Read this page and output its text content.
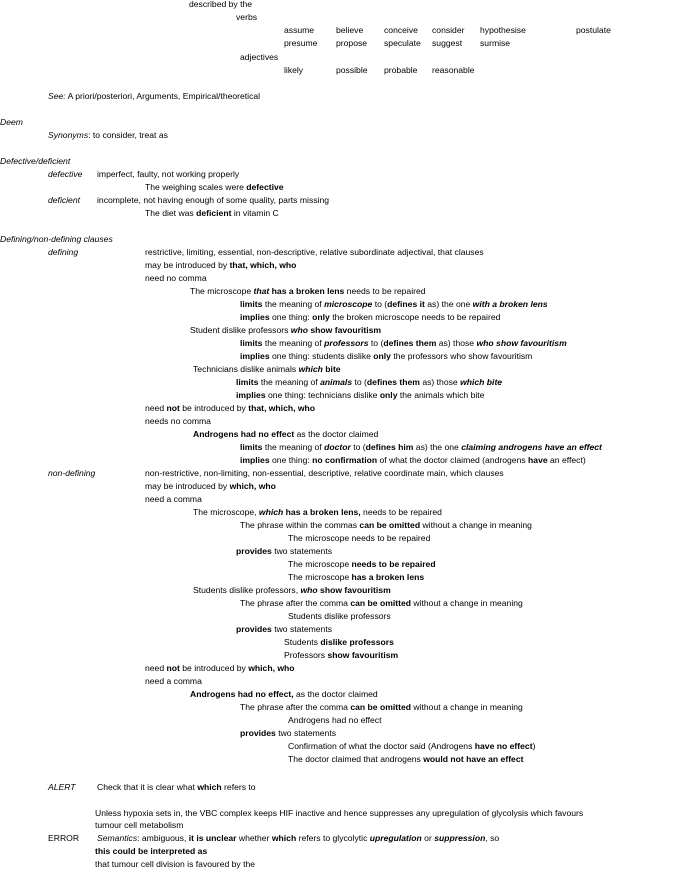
described by the
verbs
assume	believe conceive consider hypothesise	postulate
presume propose speculate suggest surmise
adjectives
likely	possible probable reasonable
See: A priori/posteriori, Arguments, Empirical/theoretical
Deem
Synonyms: to consider, treat as
Defective/deficient
defective imperfect, faulty, not working properly
The weighing scales were defective
deficient incomplete, not having enough of some quality, parts missing
The diet was deficient in vitamin C
Defining/non-defining clauses
defining	restrictive, limiting, essential, non-descriptive, relative subordinate adjectival, that clauses
may be introduced by that, which, who
need no comma
The microscope that has a broken lens needs to be repaired
limits the meaning of microscope to (defines it as) the one with a broken lens
implies one thing: only the broken microscope needs to be repaired
Student dislike professors who show favouritism
limits the meaning of professors to (defines them as) those who show favouritism
implies one thing: students dislike only the professors who show favouritism
Technicians dislike animals which bite
limits the meaning of animals to (defines them as) those which bite
implies one thing: technicians dislike only the animals which bite
need not be introduced by that, which, who
needs no comma
Androgens had no effect as the doctor claimed
limits the meaning of doctor to (defines him as) the one claiming androgens have an effect
implies one thing: no confirmation of what the doctor claimed (androgens have an effect)
non-defining	non-restrictive, non-limiting, non-essential, descriptive, relative coordinate main, which clauses
may be introduced by which, who
need a comma
The microscope, which has a broken lens, needs to be repaired
The phrase within the commas can be omitted without a change in meaning
The microscope needs to be repaired
provides two statements
The microscope needs to be repaired
The microscope has a broken lens
Students dislike professors, who show favouritism
The phrase after the comma can be omitted without a change in meaning
Students dislike professors
provides two statements
Students dislike professors
Professors show favouritism
need not be introduced by which, who
need a comma
Androgens had no effect, as the doctor claimed
The phrase after the comma can be omitted without a change in meaning
Androgens had no effect
provides two statements
Confirmation of what the doctor said (Androgens have no effect)
The doctor claimed that androgens would not have an effect
ALERT Check that it is clear what which refers to
Unless hypoxia sets in, the VBC complex keeps HIF inactive and hence suppresses any upregulation of glycolysis which favours
tumour cell metabolism
ERROR Semantics: ambiguous, it is unclear whether which refers to glycolytic upregulation or suppression, so
this could be interpreted as
that tumour cell division is favoured by the
